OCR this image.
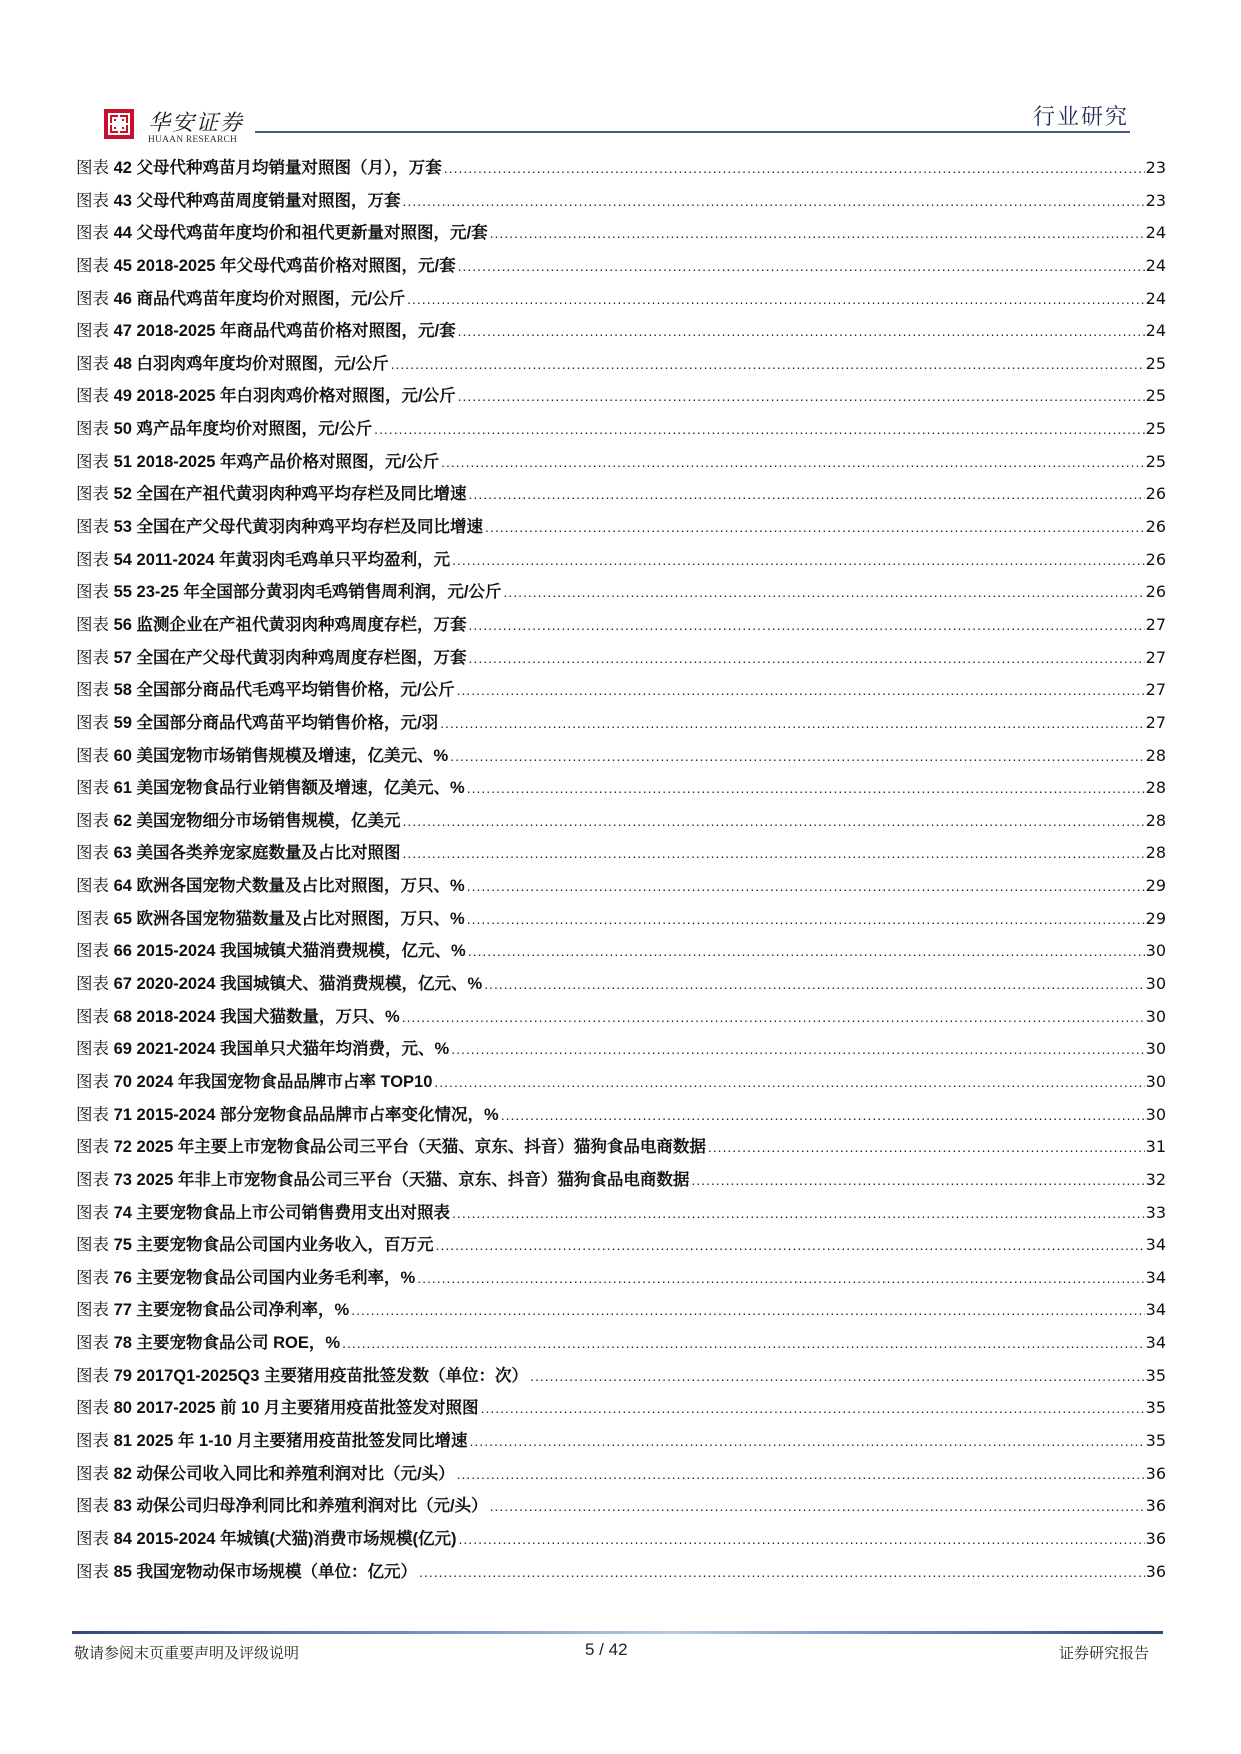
华安证券
HUAAN RESEARCH
行业研究
图表 42 父母代种鸡苗月均销量对照图（月），万套 .....	23
图表 43 父母代种鸡苗周度销量对照图，万套 .....	23
图表 44 父母代鸡苗年度均价和祖代更新量对照图，元/套 .....	24
图表 45 2018-2025 年父母代鸡苗价格对照图，元/套 .....	24
图表 46 商品代鸡苗年度均价对照图，元/公斤 .....	24
图表 47 2018-2025 年商品代鸡苗价格对照图，元/套 .....	24
图表 48 白羽肉鸡年度均价对照图，元/公斤 .....	25
图表 49 2018-2025 年白羽肉鸡价格对照图，元/公斤 .....	25
图表 50 鸡产品年度均价对照图，元/公斤 .....	25
图表 51 2018-2025 年鸡产品价格对照图，元/公斤 .....	25
图表 52 全国在产祖代黄羽肉种鸡平均存栏及同比增速 .....	26
图表 53 全国在产父母代黄羽肉种鸡平均存栏及同比增速 .....	26
图表 54 2011-2024 年黄羽肉毛鸡单只平均盈利，元 .....	26
图表 55 23-25 年全国部分黄羽肉毛鸡销售周利润，元/公斤 .....	26
图表 56 监测企业在产祖代黄羽肉种鸡周度存栏，万套 .....	27
图表 57 全国在产父母代黄羽肉种鸡周度存栏图，万套 .....	27
图表 58 全国部分商品代毛鸡平均销售价格，元/公斤 .....	27
图表 59 全国部分商品代鸡苗平均销售价格，元/羽 .....	27
图表 60 美国宠物市场销售规模及增速，亿美元、% .....	28
图表 61 美国宠物食品行业销售额及增速，亿美元、% .....	28
图表 62 美国宠物细分市场销售规模，亿美元 .....	28
图表 63 美国各类养宠家庭数量及占比对照图 .....	28
图表 64 欧洲各国宠物犬数量及占比对照图，万只、% .....	29
图表 65 欧洲各国宠物猫数量及占比对照图，万只、% .....	29
图表 66 2015-2024 我国城镇犬猫消费规模，亿元、% .....	30
图表 67 2020-2024 我国城镇犬、猫消费规模，亿元、% .....	30
图表 68 2018-2024 我国犬猫数量，万只、% .....	30
图表 69 2021-2024 我国单只犬猫年均消费，元、% .....	30
图表 70 2024 年我国宠物食品品牌市占率 TOP10 .....	30
图表 71 2015-2024 部分宠物食品品牌市占率变化情况，% .....	30
图表 72 2025 年主要上市宠物食品公司三平台（天猫、京东、抖音）猫狗食品电商数据 .....	31
图表 73 2025 年非上市宠物食品公司三平台（天猫、京东、抖音）猫狗食品电商数据 .....	32
图表 74 主要宠物食品上市公司销售费用支出对照表 .....	33
图表 75 主要宠物食品公司国内业务收入，百万元 .....	34
图表 76 主要宠物食品公司国内业务毛利率，% .....	34
图表 77 主要宠物食品公司净利率，% .....	34
图表 78 主要宠物食品公司 ROE，% .....	34
图表 79 2017Q1-2025Q3 主要猪用疫苗批签发数（单位：次） .....	35
图表 80 2017-2025 前 10 月主要猪用疫苗批签发对照图 .....	35
图表 81 2025 年 1-10 月主要猪用疫苗批签发同比增速 .....	35
图表 82 动保公司收入同比和养殖利润对比（元/头） .....	36
图表 83 动保公司归母净利同比和养殖利润对比（元/头） .....	36
图表 84 2015-2024 年城镇(犬猫)消费市场规模(亿元) .....	36
图表 85 我国宠物动保市场规模（单位：亿元） .....	36
敬请参阅末页重要声明及评级说明	5 / 42	证券研究报告
